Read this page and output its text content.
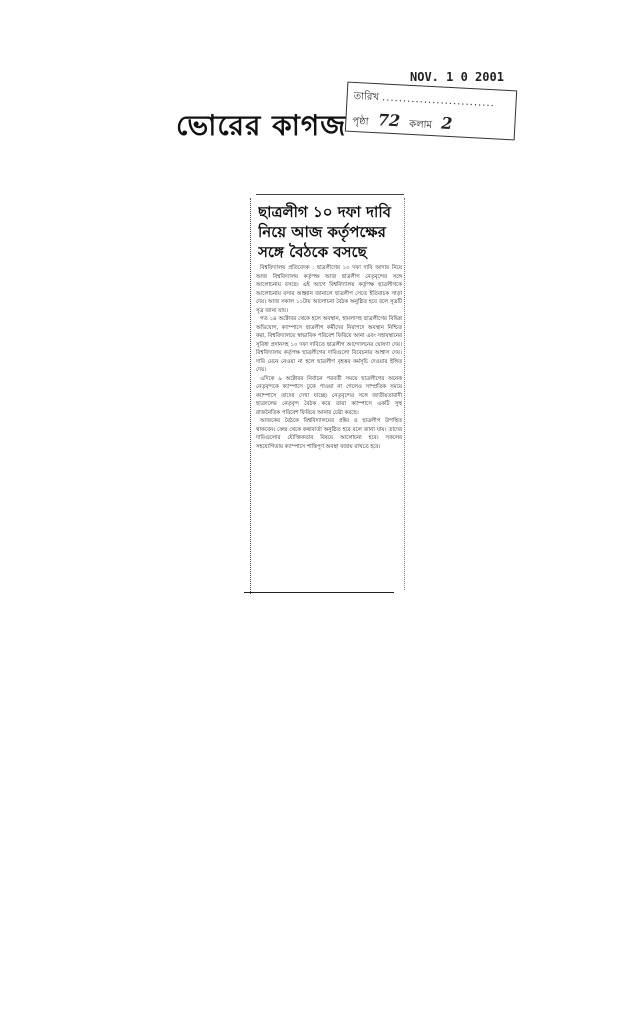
ভোরের কাগজ
NOV. 1 0 2001
তারিখ ...........................
পৃষ্ঠা 72 কলাম 2
ছাত্রলীগ ১০ দফা দাবি
নিয়ে আজ কর্তৃপক্ষের
সঙ্গে বৈঠকে বসছে

বিশ্ববিদ্যালয় প্রতিবেদক : ছাত্রলীগের ১০ দফা দাবি আদায় নিয়ে আজ বিশ্ববিদ্যালয় কর্তৃপক্ষ আজ ছাত্রলীগ নেতৃবৃন্দের সঙ্গে আলোচনায় বসছে। এই আগে বিশ্ববিদ্যালয় কর্তৃপক্ষ ছাত্রলীগকে আলোচনায় বসার আহ্বান জানালে ছাত্রলীগ সেতে ইতিবাচক সাড়া দেয়। আজ সকাল ১১টায় আলোচনা বৈঠক অনুষ্ঠিত হবে বলে সূত্রটি সূত্র জানা যায়।

গত ১৪ অক্টোবর থেকে হলে অবস্থান, হামলাসহ ছাত্রলীগের বিভিন্ন অভিযোগ, ক্যাম্পাসে ছাত্রলীগ কর্মীদের নিরাপদে অবস্থান নিশ্চিত করা, বিশ্ববিদ্যালয়ে স্বাভাবিক পরিবেশ ফিরিয়ে আনা এবং সহাবস্থানের সুবিধা প্রদানসহ ১০ দফা দাবিতে ছাত্রলীগ আন্দোলনের ঘোষণা দেয়। বিশ্ববিদ্যালয় কর্তৃপক্ষ ছাত্রলীগের দাবিগুলো বিবেচনার আশ্বাস দেয়। দাবি মেনে নেওয়া না হলে ছাত্রলীগ বৃহত্তর কর্মসূচি দেওয়ার ইঙ্গিত দেয়।

এদিকে ৯ অক্টোবর নির্বাচন পরবর্তী সময়ে ছাত্রলীগের অনেক নেতৃবৃন্দকে ক্যাম্পাসে ঢুকে পাওয়া না গেলেও সাম্প্রতিক সময়ে ক্যাম্পাসে তাদের দেখা যাচ্ছে। নেতৃবৃন্দের সঙ্গে জাতীয়তাবাদী ছাত্রদলের নেতৃবৃন্দ বৈঠক করে তারা ক্যাম্পাসে একটি সুস্থ রাজনৈতিক পরিবেশ ফিরিয়ে আনার চেষ্টা করছে।

আজকের বৈঠকে বিশ্ববিদ্যালয়ের প্রক্টর ও ছাত্রলীগ উপস্থিত থাকবেন। কেন্দ্র থেকে কথাবার্তা অনুষ্ঠিত হবে বলে জানা যায়। তাদের দাবিগুলোর যৌক্তিকতার বিষয়ে আলোচনা হবে। সকলের সহযোগিতায় ক্যাম্পাসে শান্তিপূর্ণ অবস্থা বজায় রাখতে হবে।
